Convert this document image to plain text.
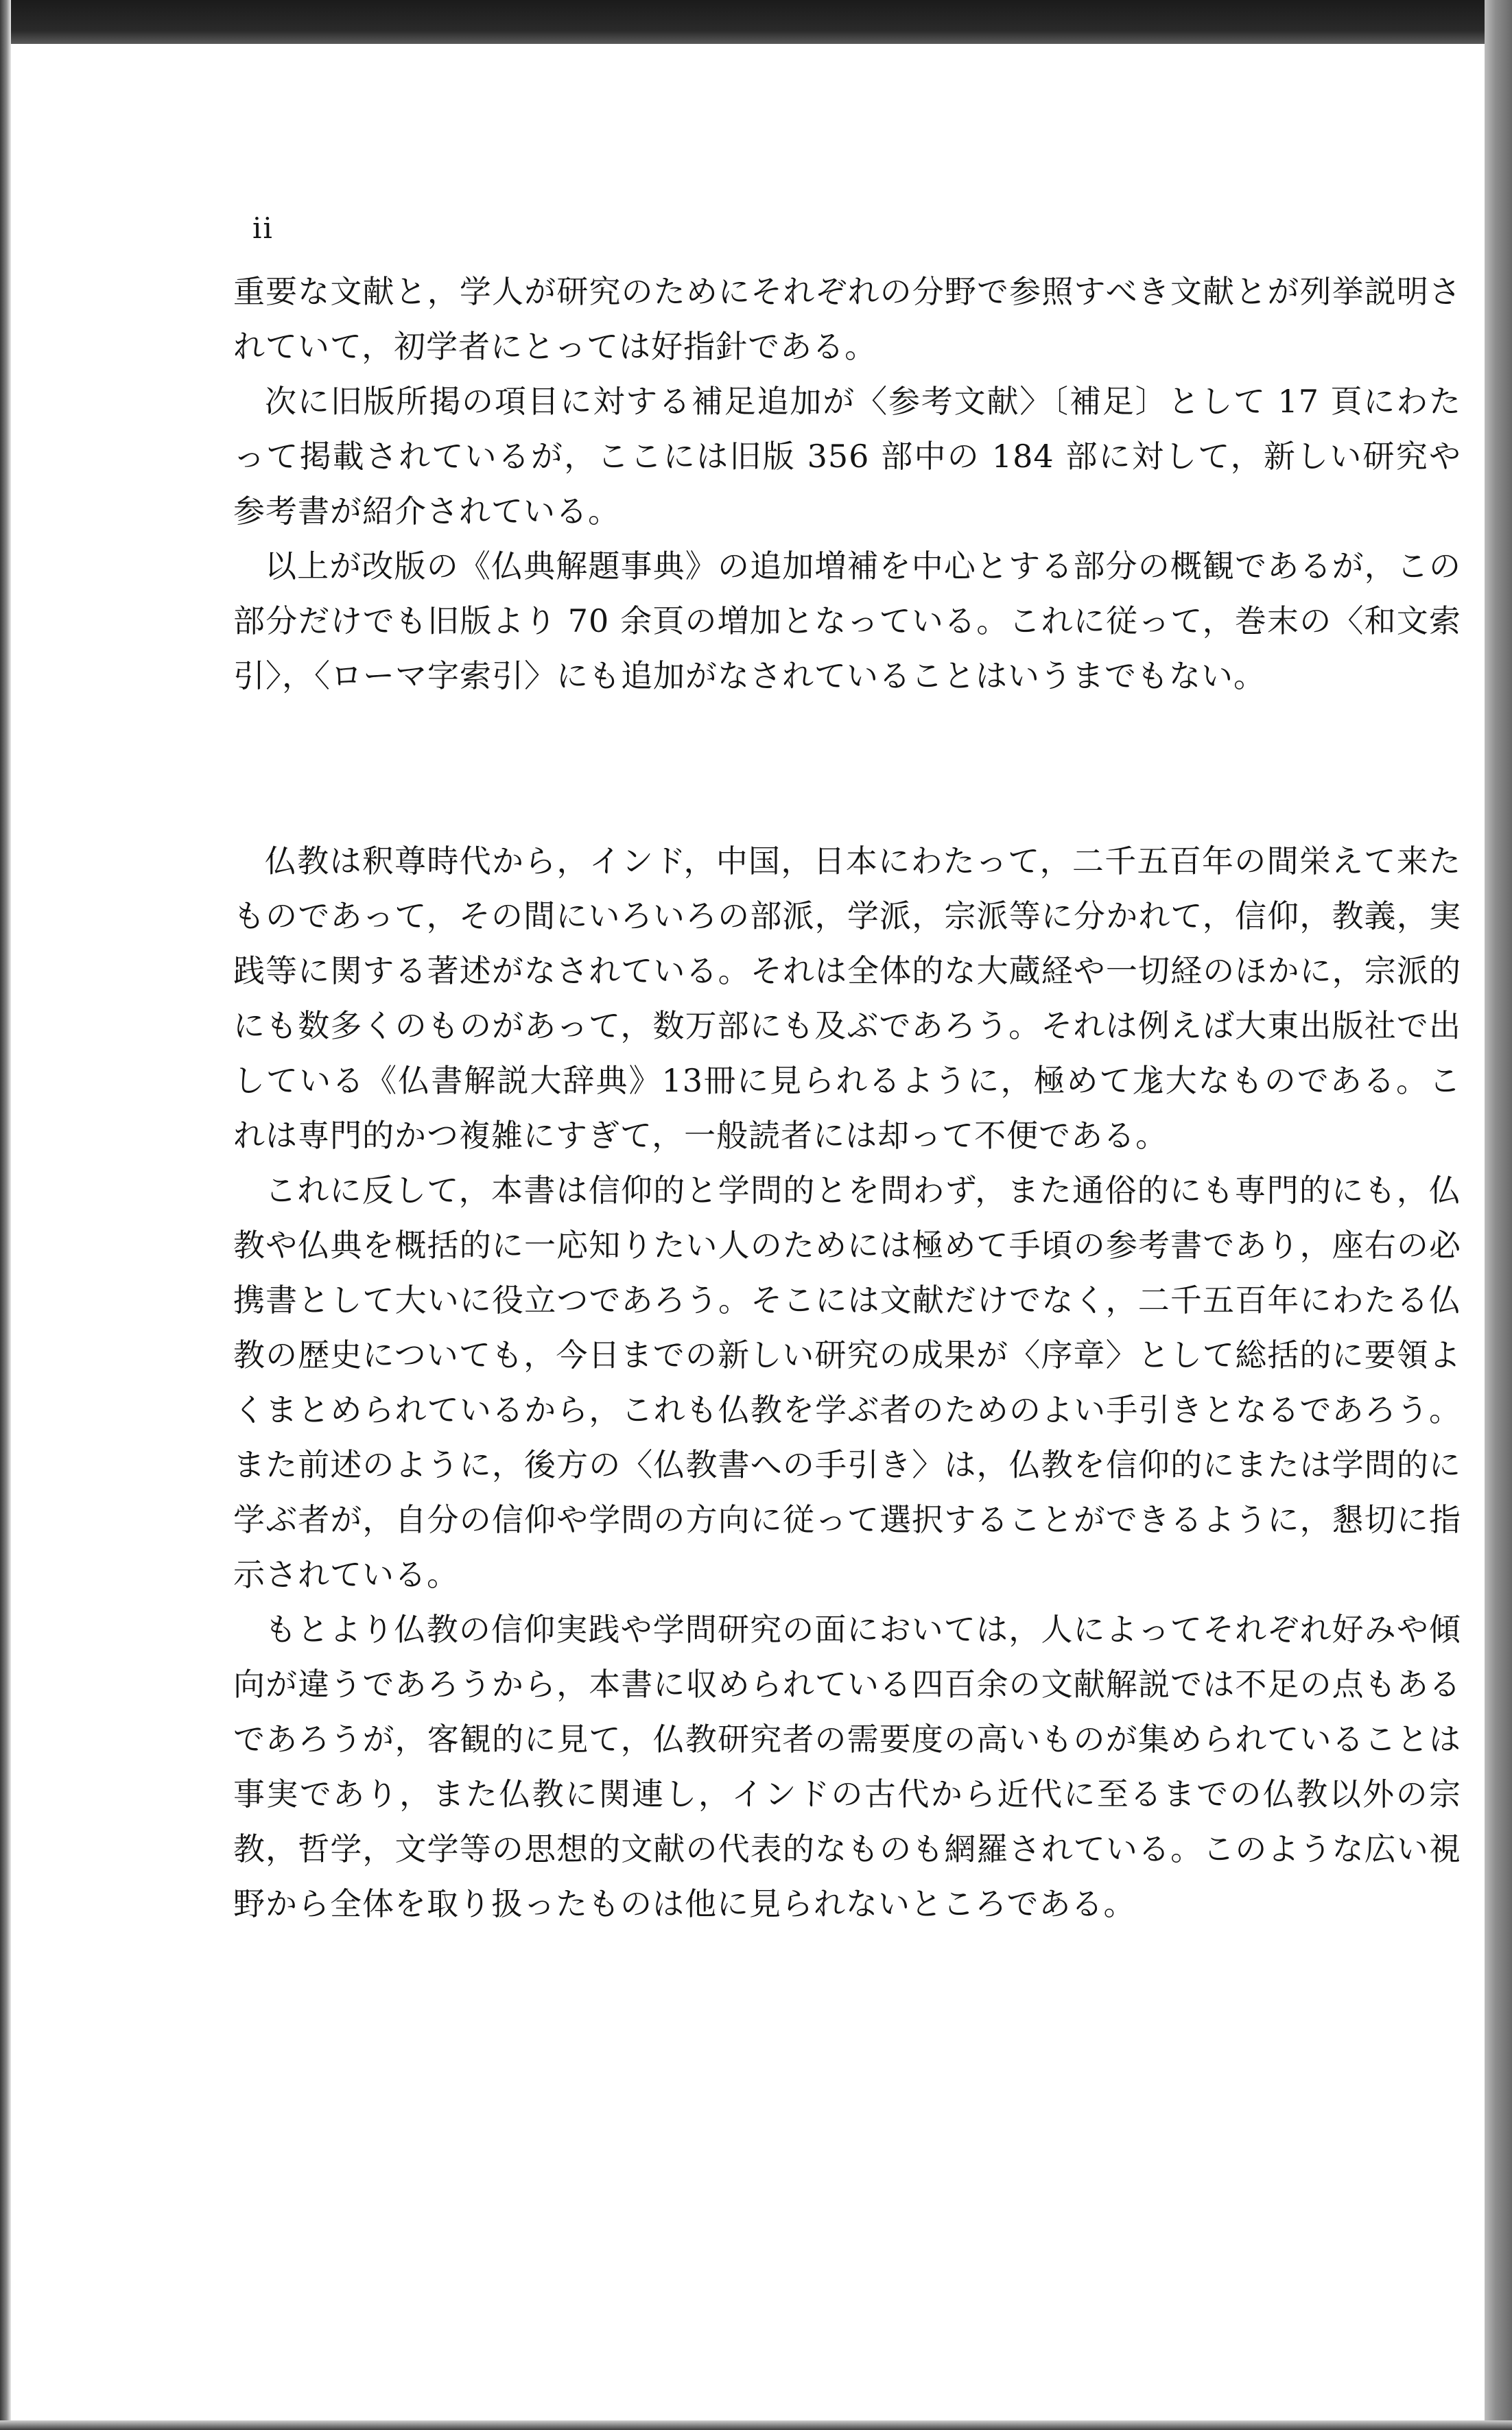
ii

重要な文献と，学人が研究のためにそれぞれの分野で参照すべき文献とが列挙説明されていて，初学者にとっては好指針である。

次に旧版所掲の項目に対する補足追加が〈参考文献〉〔補足〕として 17 頁にわたって掲載されているが，ここには旧版 356 部中の 184 部に対して，新しい研究や参考書が紹介されている。

以上が改版の《仏典解題事典》の追加増補を中心とする部分の概観であるが，この部分だけでも旧版より 70 余頁の増加となっている。これに従って，巻末の〈和文索引〉，〈ローマ字索引〉にも追加がなされていることはいうまでもない。

仏教は釈尊時代から，インド，中国，日本にわたって，二千五百年の間栄えて来たものであって，その間にいろいろの部派，学派，宗派等に分かれて，信仰，教義，実践等に関する著述がなされている。それは全体的な大蔵経や一切経のほかに，宗派的にも数多くのものがあって，数万部にも及ぶであろう。それは例えば大東出版社で出している《仏書解説大辞典》13冊に見られるように，極めて尨大なものである。これは専門的かつ複雑にすぎて，一般読者には却って不便である。

これに反して，本書は信仰的と学問的とを問わず，また通俗的にも専門的にも，仏教や仏典を概括的に一応知りたい人のためには極めて手頃の参考書であり，座右の必携書として大いに役立つであろう。そこには文献だけでなく，二千五百年にわたる仏教の歴史についても，今日までの新しい研究の成果が〈序章〉として総括的に要領よくまとめられているから，これも仏教を学ぶ者のためのよい手引きとなるであろう。また前述のように，後方の〈仏教書への手引き〉は，仏教を信仰的にまたは学問的に学ぶ者が，自分の信仰や学問の方向に従って選択することができるように，懇切に指示されている。

もとより仏教の信仰実践や学問研究の面においては，人によってそれぞれ好みや傾向が違うであろうから，本書に収められている四百余の文献解説では不足の点もあるであろうが，客観的に見て，仏教研究者の需要度の高いものが集められていることは事実であり，また仏教に関連し，インドの古代から近代に至るまでの仏教以外の宗教，哲学，文学等の思想的文献の代表的なものも網羅されている。このような広い視野から全体を取り扱ったものは他に見られないところである。
